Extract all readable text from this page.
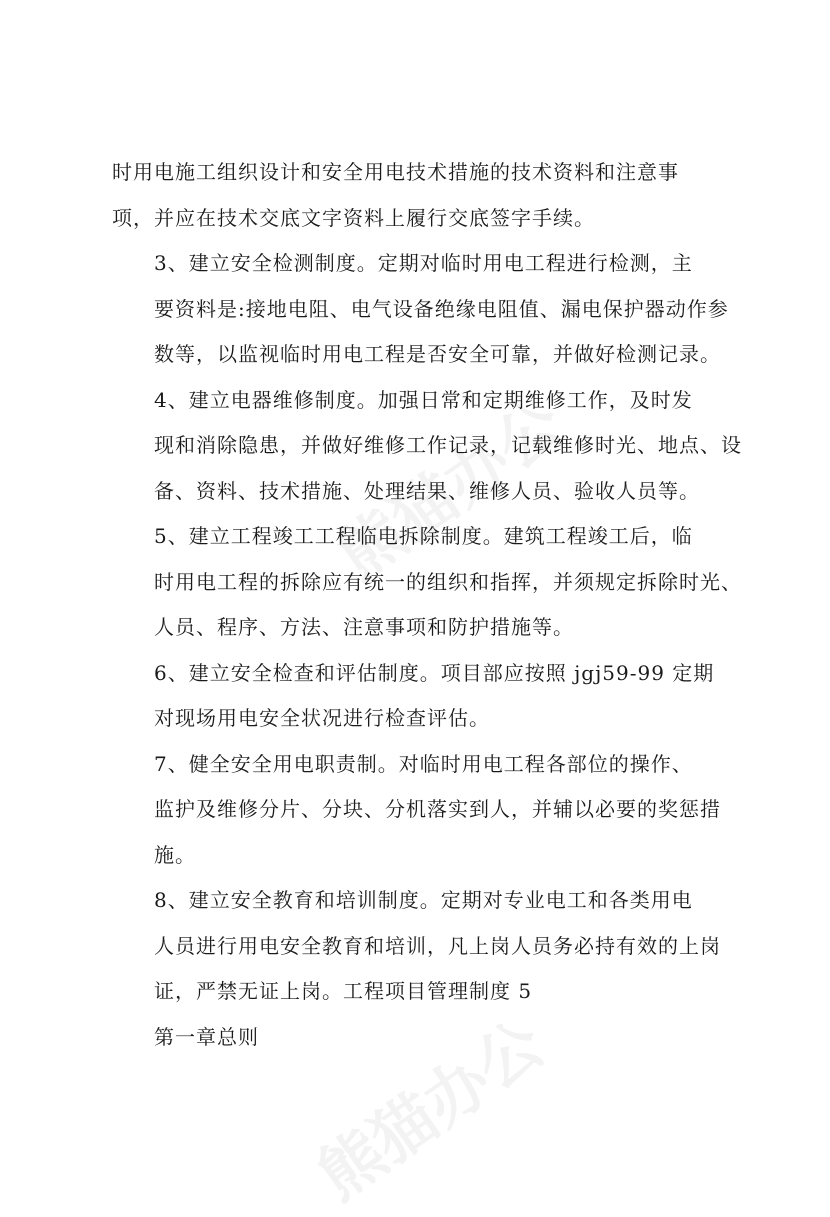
时用电施工组织设计和安全用电技术措施的技术资料和注意事
项，并应在技术交底文字资料上履行交底签字手续。

3、建立安全检测制度。定期对临时用电工程进行检测，主
要资料是:接地电阻、电气设备绝缘电阻值、漏电保护器动作参
数等，以监视临时用电工程是否安全可靠，并做好检测记录。

4、建立电器维修制度。加强日常和定期维修工作，及时发
现和消除隐患，并做好维修工作记录，记载维修时光、地点、设
备、资料、技术措施、处理结果、维修人员、验收人员等。

5、建立工程竣工工程临电拆除制度。建筑工程竣工后，临
时用电工程的拆除应有统一的组织和指挥，并须规定拆除时光、
人员、程序、方法、注意事项和防护措施等。

6、建立安全检查和评估制度。项目部应按照 jgj59-99 定期
对现场用电安全状况进行检查评估。

7、健全安全用电职责制。对临时用电工程各部位的操作、
监护及维修分片、分块、分机落实到人，并辅以必要的奖惩措
施。

8、建立安全教育和培训制度。定期对专业电工和各类用电
人员进行用电安全教育和培训，凡上岗人员务必持有效的上岗
证，严禁无证上岗。工程项目管理制度 5

第一章总则
